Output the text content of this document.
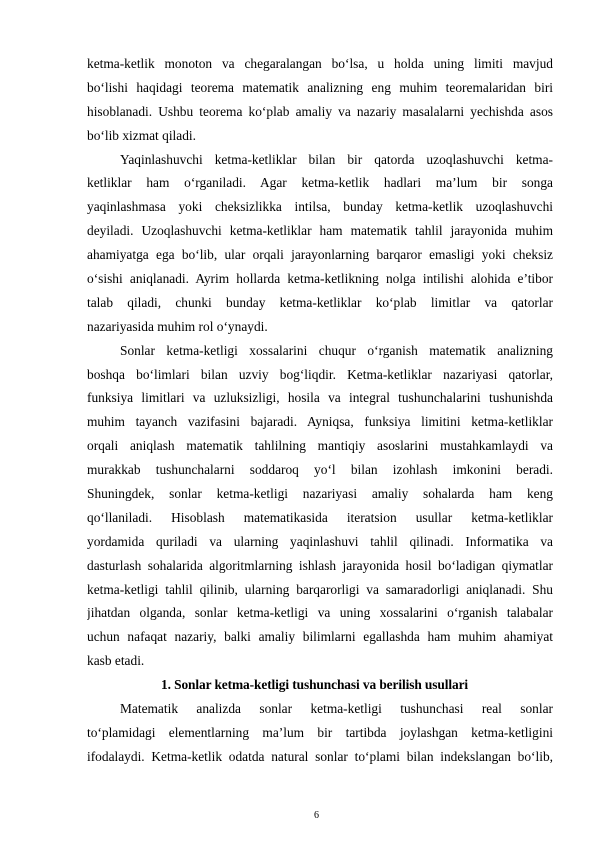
ketma-ketlik monoton va chegaralangan bo‘lsa, u holda uning limiti mavjud
bo‘lishi haqidagi teorema matematik analizning eng muhim teoremalaridan biri
hisoblanadi. Ushbu teorema ko‘plab amaliy va nazariy masalalarni yechishda asos
bo‘lib xizmat qiladi.
Yaqinlashuvchi ketma-ketliklar bilan bir qatorda uzoqlashuvchi ketma-
ketliklar ham o‘rganiladi. Agar ketma-ketlik hadlari ma’lum bir songa
yaqinlashmasa yoki cheksizlikka intilsa, bunday ketma-ketlik uzoqlashuvchi
deyiladi. Uzoqlashuvchi ketma-ketliklar ham matematik tahlil jarayonida muhim
ahamiyatga ega bo‘lib, ular orqali jarayonlarning barqaror emasligi yoki cheksiz
o‘sishi aniqlanadi. Ayrim hollarda ketma-ketlikning nolga intilishi alohida e’tibor
talab qiladi, chunki bunday ketma-ketliklar ko‘plab limitlar va qatorlar
nazariyasida muhim rol o‘ynaydi.
Sonlar ketma-ketligi xossalarini chuqur o‘rganish matematik analizning
boshqa bo‘limlari bilan uzviy bog‘liqdir. Ketma-ketliklar nazariyasi qatorlar,
funksiya limitlari va uzluksizligi, hosila va integral tushunchalarini tushunishda
muhim tayanch vazifasini bajaradi. Ayniqsa, funksiya limitini ketma-ketliklar
orqali aniqlash matematik tahlilning mantiqiy asoslarini mustahkamlaydi va
murakkab tushunchalarni soddaroq yo‘l bilan izohlash imkonini beradi.
Shuningdek, sonlar ketma-ketligi nazariyasi amaliy sohalarda ham keng
qo‘llaniladi. Hisoblash matematikasida iteratsion usullar ketma-ketliklar
yordamida quriladi va ularning yaqinlashuvi tahlil qilinadi. Informatika va
dasturlash sohalarida algoritmlarning ishlash jarayonida hosil bo‘ladigan qiymatlar
ketma-ketligi tahlil qilinib, ularning barqarorligi va samaradorligi aniqlanadi. Shu
jihatdan olganda, sonlar ketma-ketligi va uning xossalarini o‘rganish talabalar
uchun nafaqat nazariy, balki amaliy bilimlarni egallashda ham muhim ahamiyat
kasb etadi.
1. Sonlar ketma-ketligi tushunchasi va berilish usullari
Matematik analizda sonlar ketma-ketligi tushunchasi real sonlar
to‘plamidagi elementlarning ma’lum bir tartibda joylashgan ketma-ketligini
ifodalaydi. Ketma-ketlik odatda natural sonlar to‘plami bilan indekslangan bo‘lib,
6
